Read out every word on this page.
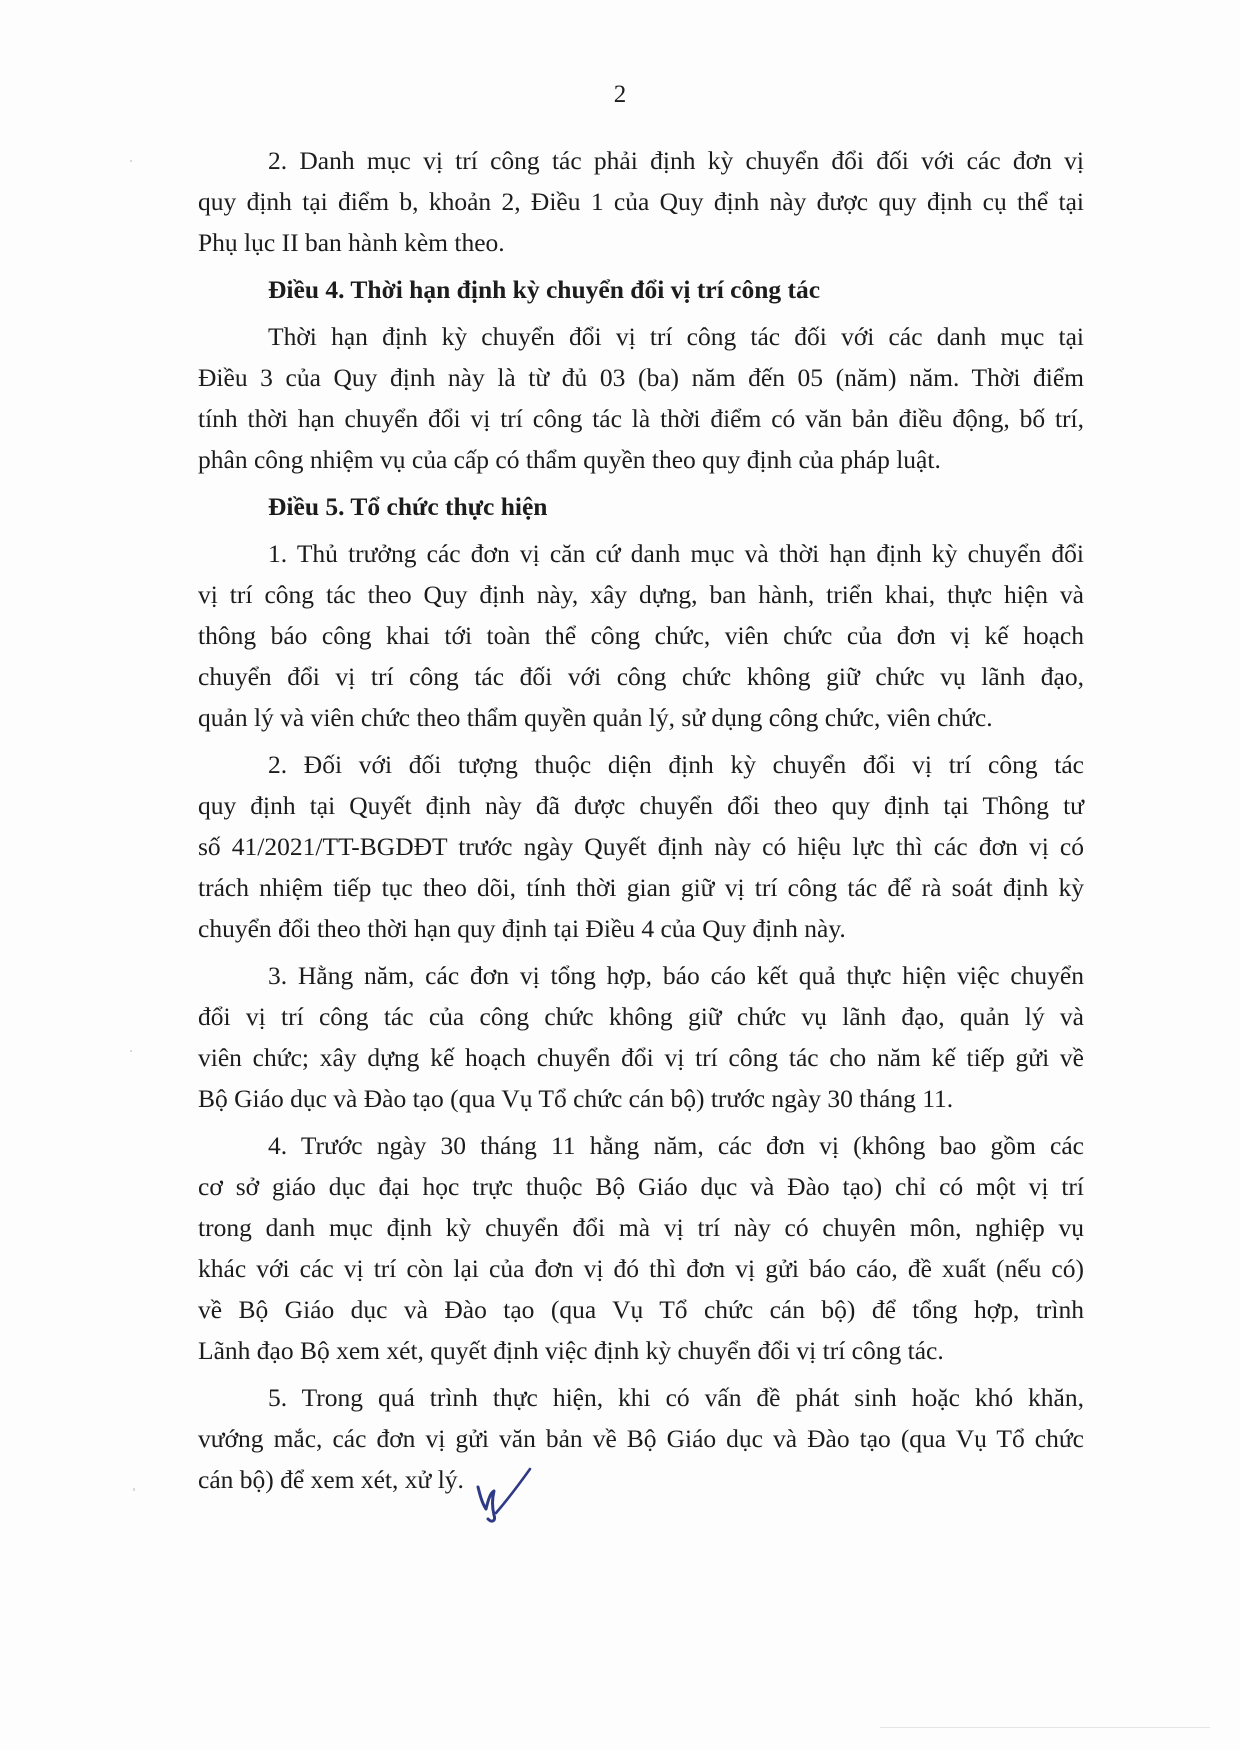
2

2. Danh mục vị trí công tác phải định kỳ chuyển đổi đối với các đơn vị
quy định tại điểm b, khoản 2, Điều 1 của Quy định này được quy định cụ thể tại
Phụ lục II ban hành kèm theo.

Điều 4. Thời hạn định kỳ chuyển đổi vị trí công tác

Thời hạn định kỳ chuyển đổi vị trí công tác đối với các danh mục tại
Điều 3 của Quy định này là từ đủ 03 (ba) năm đến 05 (năm) năm. Thời điểm
tính thời hạn chuyển đổi vị trí công tác là thời điểm có văn bản điều động, bố trí,
phân công nhiệm vụ của cấp có thẩm quyền theo quy định của pháp luật.

Điều 5. Tổ chức thực hiện

1. Thủ trưởng các đơn vị căn cứ danh mục và thời hạn định kỳ chuyển đổi
vị trí công tác theo Quy định này, xây dựng, ban hành, triển khai, thực hiện và
thông báo công khai tới toàn thể công chức, viên chức của đơn vị kế hoạch
chuyển đổi vị trí công tác đối với công chức không giữ chức vụ lãnh đạo,
quản lý và viên chức theo thẩm quyền quản lý, sử dụng công chức, viên chức.

2. Đối với đối tượng thuộc diện định kỳ chuyển đổi vị trí công tác
quy định tại Quyết định này đã được chuyển đổi theo quy định tại Thông tư
số 41/2021/TT-BGDĐT trước ngày Quyết định này có hiệu lực thì các đơn vị có
trách nhiệm tiếp tục theo dõi, tính thời gian giữ vị trí công tác để rà soát định kỳ
chuyển đổi theo thời hạn quy định tại Điều 4 của Quy định này.

3. Hằng năm, các đơn vị tổng hợp, báo cáo kết quả thực hiện việc chuyển
đổi vị trí công tác của công chức không giữ chức vụ lãnh đạo, quản lý và
viên chức; xây dựng kế hoạch chuyển đổi vị trí công tác cho năm kế tiếp gửi về
Bộ Giáo dục và Đào tạo (qua Vụ Tổ chức cán bộ) trước ngày 30 tháng 11.

4. Trước ngày 30 tháng 11 hằng năm, các đơn vị (không bao gồm các
cơ sở giáo dục đại học trực thuộc Bộ Giáo dục và Đào tạo) chỉ có một vị trí
trong danh mục định kỳ chuyển đổi mà vị trí này có chuyên môn, nghiệp vụ
khác với các vị trí còn lại của đơn vị đó thì đơn vị gửi báo cáo, đề xuất (nếu có)
về Bộ Giáo dục và Đào tạo (qua Vụ Tổ chức cán bộ) để tổng hợp, trình
Lãnh đạo Bộ xem xét, quyết định việc định kỳ chuyển đổi vị trí công tác.

5. Trong quá trình thực hiện, khi có vấn đề phát sinh hoặc khó khăn,
vướng mắc, các đơn vị gửi văn bản về Bộ Giáo dục và Đào tạo (qua Vụ Tổ chức
cán bộ) để xem xét, xử lý.
